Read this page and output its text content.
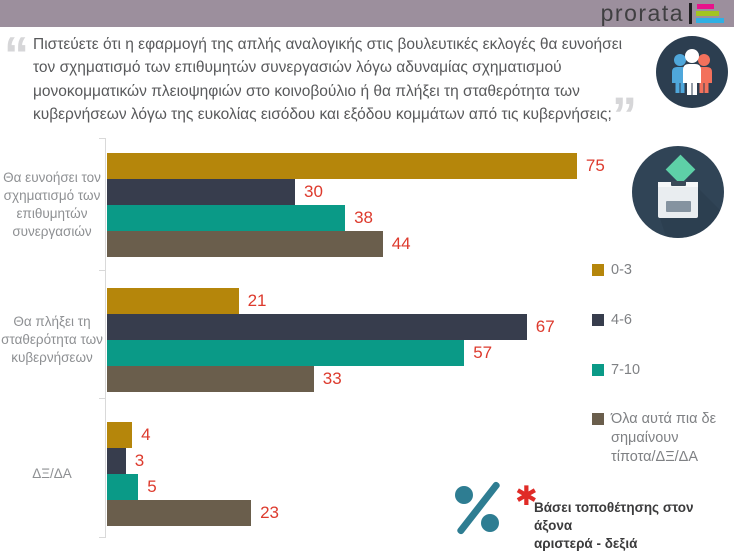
prorata
“ Πιστεύετε ότι η εφαρμογή της απλής αναλογικής στις βουλευτικές εκλογές θα ευνοήσει τον σχηματισμό των επιθυμητών συνεργασιών λόγω αδυναμίας σχηματισμού μονοκομματικών πλειοψηφιών στο κοινοβούλιο ή θα πλήξει τη σταθερότητα των κυβερνήσεων λόγω της ευκολίας εισόδου και εξόδου κομμάτων από τις κυβερνήσεις; ”
Θα ευνοήσει τον σχηματισμό των επιθυμητών συνεργασιών
Θα πλήξει τη σταθερότητα των κυβερνήσεων
ΔΞ/ΔΑ
75
21
4
30
67
3
38
57
5
44
33
23
0-3
4-6
7-10
Όλα αυτά πια δε σημαίνουν τίποτα/ΔΞ/ΔΑ
✱
Βάσει τοποθέτησης στον άξονα
αριστερά - δεξιά
